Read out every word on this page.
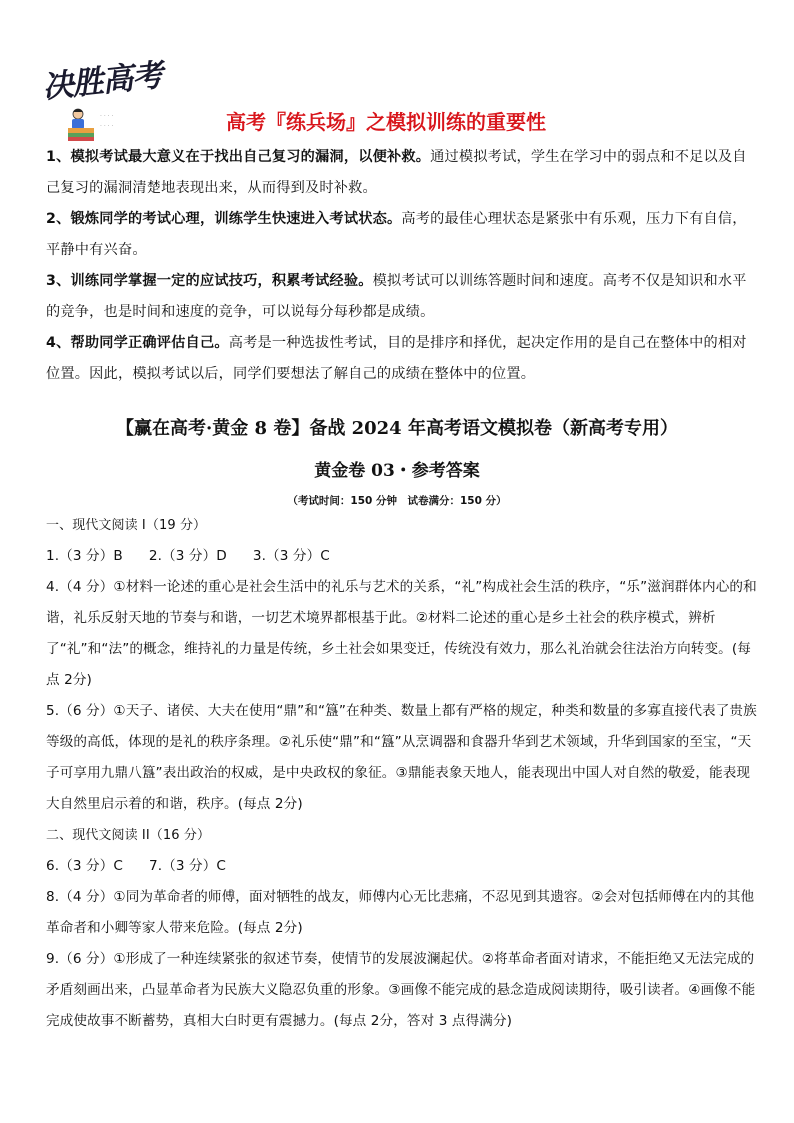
决胜高考
· · · ·
· · · ·	高考『练兵场』之模拟训练的重要性

1、模拟考试最大意义在于找出自己复习的漏洞，以便补救。通过模拟考试，学生在学习中的弱点和不足以及自己复习的漏洞清楚地表现出来，从而得到及时补救。

2、锻炼同学的考试心理，训练学生快速进入考试状态。高考的最佳心理状态是紧张中有乐观，压力下有自信，平静中有兴奋。

3、训练同学掌握一定的应试技巧，积累考试经验。模拟考试可以训练答题时间和速度。高考不仅是知识和水平的竞争，也是时间和速度的竞争，可以说每分每秒都是成绩。

4、帮助同学正确评估自己。高考是一种选拔性考试，目的是排序和择优，起决定作用的是自己在整体中的相对位置。因此，模拟考试以后，同学们要想法了解自己的成绩在整体中的位置。

【赢在高考·黄金 8 卷】备战 2024 年高考语文模拟卷（新高考专用）
黄金卷 03・参考答案
（考试时间：150 分钟　试卷满分：150 分）

一、现代文阅读 I（19 分）

1.（3 分）B 2.（3 分）D 3.（3 分）C

4.（4 分）①材料一论述的重心是社会生活中的礼乐与艺术的关系，“礼”构成社会生活的秩序，“乐”滋润群体内心的和谐，礼乐反射天地的节奏与和谐，一切艺术境界都根基于此。②材料二论述的重心是乡土社会的秩序模式，辨析了“礼”和“法”的概念，维持礼的力量是传统，乡土社会如果变迁，传统没有效力，那么礼治就会往法治方向转变。(每点 2分)

5.（6 分）①天子、诸侯、大夫在使用“鼎”和“簋”在种类、数量上都有严格的规定，种类和数量的多寡直接代表了贵族等级的高低，体现的是礼的秩序条理。②礼乐使“鼎”和“簋”从烹调器和食器升华到艺术领域，升华到国家的至宝，“天子可享用九鼎八簋”表出政治的权威，是中央政权的象征。③鼎能表象天地人，能表现出中国人对自然的敬爱，能表现大自然里启示着的和谐，秩序。(每点 2分)

二、现代文阅读 II（16 分）

6.（3 分）C 7.（3 分）C

8.（4 分）①同为革命者的师傅，面对牺牲的战友，师傅内心无比悲痛，不忍见到其遗容。②会对包括师傅在内的其他革命者和小卿等家人带来危险。(每点 2分)

9.（6 分）①形成了一种连续紧张的叙述节奏，使情节的发展波澜起伏。②将革命者面对请求，不能拒绝又无法完成的矛盾刻画出来，凸显革命者为民族大义隐忍负重的形象。③画像不能完成的悬念造成阅读期待，吸引读者。④画像不能完成使故事不断蓄势，真相大白时更有震撼力。(每点 2分，答对 3 点得满分)
